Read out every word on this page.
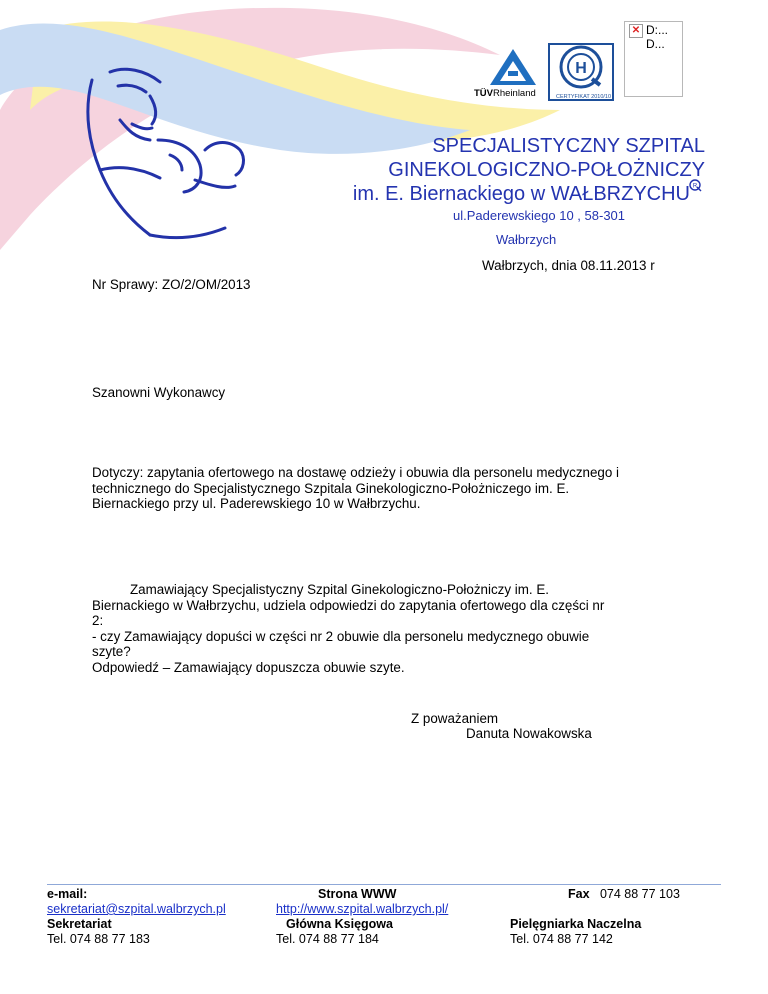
✕ D:...
D...
TÜVRheinland
H
CERTYFIKAT 2010/10
SPECJALISTYCZNY SZPITAL
GINEKOLOGICZNO-POŁOŻNICZY
im. E. Biernackiego w WAŁBRZYCHU R
ul.Paderewskiego 10 , 58-301
Wałbrzych
Wałbrzych, dnia 08.11.2013 r
Nr Sprawy: ZO/2/OM/2013
Szanowni Wykonawcy
Dotyczy: zapytania ofertowego na dostawę odzieży i obuwia dla personelu medycznego i
technicznego do Specjalistycznego Szpitala Ginekologiczno-Położniczego im. E.
Biernackiego przy ul. Paderewskiego 10 w Wałbrzychu.
Zamawiający Specjalistyczny Szpital Ginekologiczno-Położniczy im. E.
Biernackiego w Wałbrzychu, udziela odpowiedzi do zapytania ofertowego dla części nr
2:
- czy Zamawiający dopuści w części nr 2 obuwie dla personelu medycznego obuwie
szyte?
Odpowiedź – Zamawiający dopuszcza obuwie szyte.
Z poważaniem
Danuta Nowakowska
e-mail:
sekretariat@szpital.walbrzych.pl
Sekretariat
Tel. 074 88 77 183
Strona WWW
http://www.szpital.walbrzych.pl/
Główna Księgowa
Tel. 074 88 77 184
Fax 074 88 77 103

Pielęgniarka Naczelna
Tel. 074 88 77 142
